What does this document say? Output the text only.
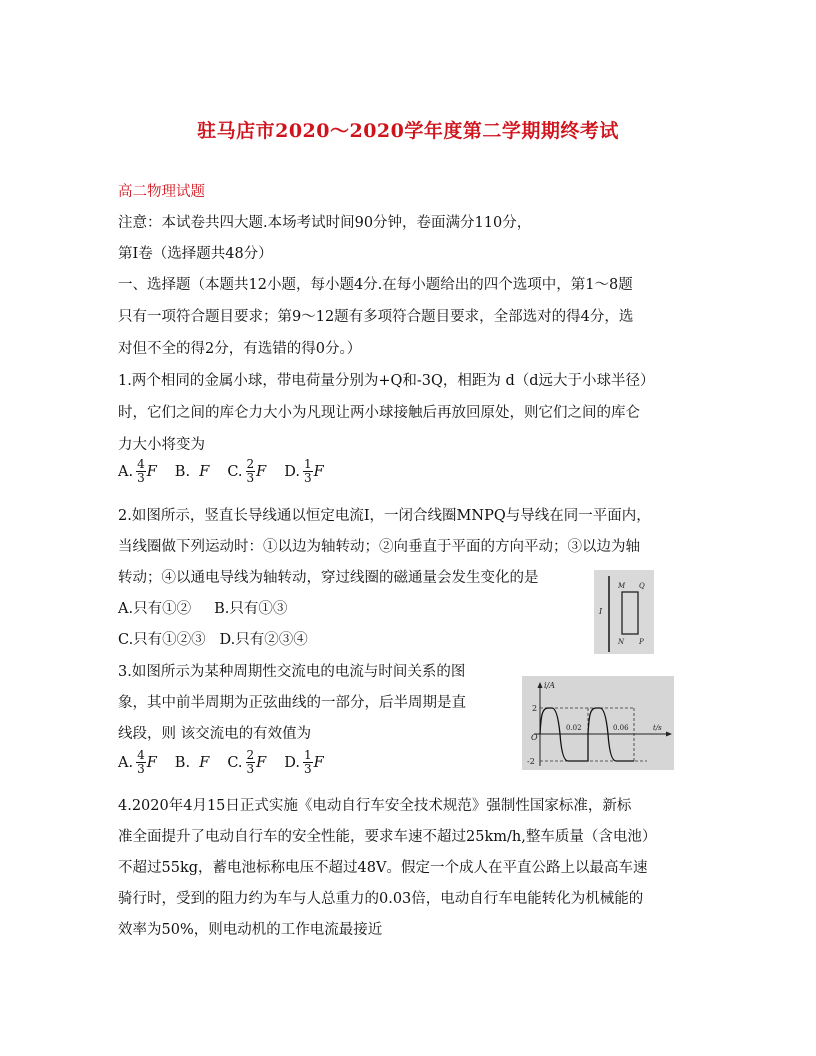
驻马店市2020～2020学年度第二学期期终考试
高二物理试题
注意：本试卷共四大题.本场考试时间90分钟，卷面满分110分，
第Ⅰ卷（选择题共48分）
一、选择题（本题共12小题，每小题4分.在每小题给出的四个选项中，第1～8题
只有一项符合题目要求；第9～12题有多项符合题目要求，全部选对的得4分，选
对但不全的得2分，有选错的得0分。）
1.两个相同的金属小球，带电荷量分别为+Q和-3Q，相距为 d（d远大于小球半径）
时，它们之间的库仑力大小为凡现让两小球接触后再放回原处，则它们之间的库仑
力大小将变为
A. $\frac{4}{3}$ F B.
F C. $\frac{2}{3}$ F D. $\frac{1}{3}$ F
2.如图所示，竖直长导线通以恒定电流Ⅰ，一闭合线圈MNPQ与导线在同一平面内，
当线圈做下列运动时：①以边为轴转动；②向垂直于平面的方向平动；③以边为轴
转动；④以通电导线为轴转动，穿过线圈的磁通量会发生变化的是
A.只有①② B.只有①③
C.只有①②③ D.只有②③④
I
M Q
N P
3.如图所示为某种周期性交流电的电流与时间关系的图
象，其中前半周期为正弦曲线的一部分，后半周期是直
线段，则 该交流电的有效值为
A. $\frac{4}{3}$ F B.
F C. $\frac{2}{3}$ F D. $\frac{1}{3}$ F
i/A
t/s
O
2
-2
0.02	0.06
4.2020年4月15日正式实施《电动自行车安全技术规范》强制性国家标准，新标
准全面提升了电动自行车的安全性能，要求车速不超过25km/h,整车质量（含电池）
不超过55kg，蓄电池标称电压不超过48V。假定一个成人在平直公路上以最高车速
骑行时，受到的阻力约为车与人总重力的0.03倍，电动自行车电能转化为机械能的
效率为50%，则电动机的工作电流最接近
